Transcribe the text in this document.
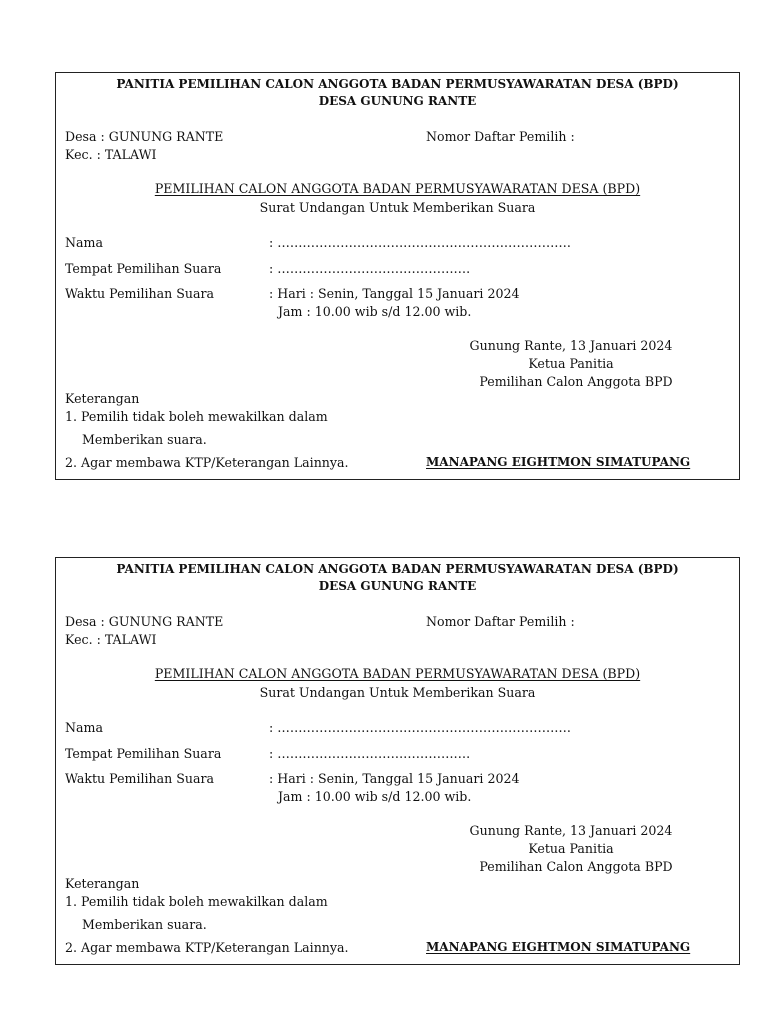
PANITIA PEMILIHAN CALON ANGGOTA BADAN PERMUSYAWARATAN DESA (BPD)
DESA GUNUNG RANTE
Desa : GUNUNG RANTE
Kec. : TALAWI
Nomor Daftar Pemilih :
PEMILIHAN CALON ANGGOTA BADAN PERMUSYAWARATAN DESA (BPD)
Surat Undangan Untuk Memberikan Suara
Nama	: …………………………………………………………….
Tempat Pemilihan Suara	: ……………………………………….
Waktu Pemilihan Suara	: Hari : Senin, Tanggal 15 Januari 2024
Jam : 10.00 wib s/d 12.00 wib.
Gunung Rante, 13 Januari 2024
Ketua Panitia
Pemilihan Calon Anggota BPD
Keterangan
1. Pemilih tidak boleh mewakilkan dalam
Memberikan suara.
2. Agar membawa KTP/Keterangan Lainnya.	MANAPANG EIGHTMON SIMATUPANG
PANITIA PEMILIHAN CALON ANGGOTA BADAN PERMUSYAWARATAN DESA (BPD)
DESA GUNUNG RANTE
Desa : GUNUNG RANTE
Kec. : TALAWI
Nomor Daftar Pemilih :
PEMILIHAN CALON ANGGOTA BADAN PERMUSYAWARATAN DESA (BPD)
Surat Undangan Untuk Memberikan Suara
Nama	: …………………………………………………………….
Tempat Pemilihan Suara	: ……………………………………….
Waktu Pemilihan Suara	: Hari : Senin, Tanggal 15 Januari 2024
Jam : 10.00 wib s/d 12.00 wib.
Gunung Rante, 13 Januari 2024
Ketua Panitia
Pemilihan Calon Anggota BPD
Keterangan
1. Pemilih tidak boleh mewakilkan dalam
Memberikan suara.
2. Agar membawa KTP/Keterangan Lainnya.	MANAPANG EIGHTMON SIMATUPANG
